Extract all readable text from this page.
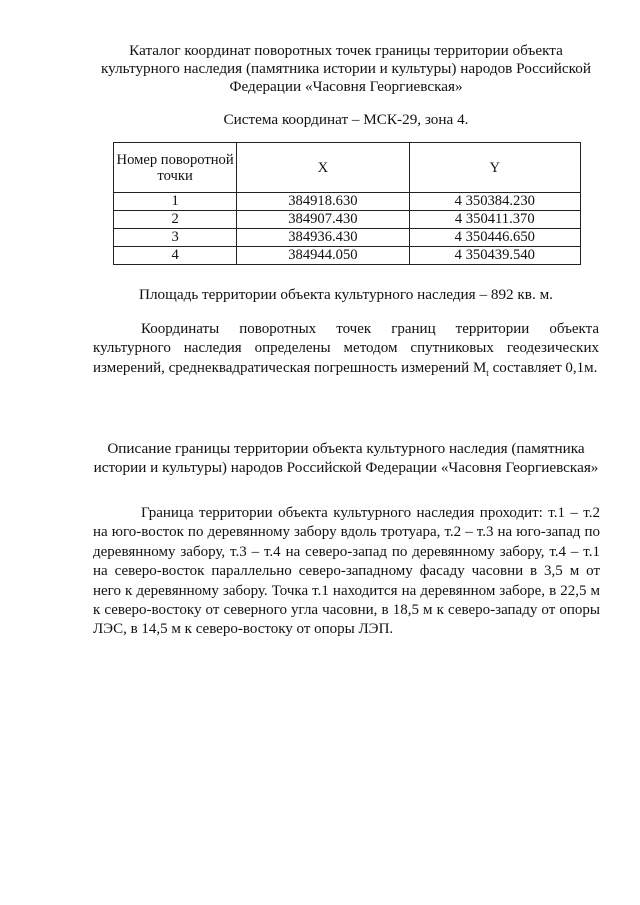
Каталог координат поворотных точек границы территории объекта культурного наследия (памятника истории и культуры) народов Российской Федерации «Часовня Георгиевская»
Система координат – МСК-29, зона 4.
Номер поворотной точки	X	Y
1	384918.630	4 350384.230
2	384907.430	4 350411.370
3	384936.430	4 350446.650
4	384944.050	4 350439.540
Площадь территории объекта культурного наследия – 892 кв. м.
Координаты поворотных точек границ территории объекта культурного наследия определены методом спутниковых геодезических измерений, среднеквадратическая погрешность измерений $M_t$ составляет 0,1м.
Описание границы территории объекта культурного наследия (памятника истории и культуры) народов Российской Федерации «Часовня Георгиевская»
Граница территории объекта культурного наследия проходит: т.1 – т.2 на юго-восток по деревянному забору вдоль тротуара, т.2 – т.3 на юго-запад по деревянному забору, т.3 – т.4 на северо-запад по деревянному забору, т.4 – т.1 на северо-восток параллельно северо-западному фасаду часовни в 3,5 м от него к деревянному забору. Точка т.1 находится на деревянном заборе, в 22,5 м к северо-востоку от северного угла часовни, в 18,5 м к северо-западу от опоры ЛЭС, в 14,5 м к северо-востоку от опоры ЛЭП.
